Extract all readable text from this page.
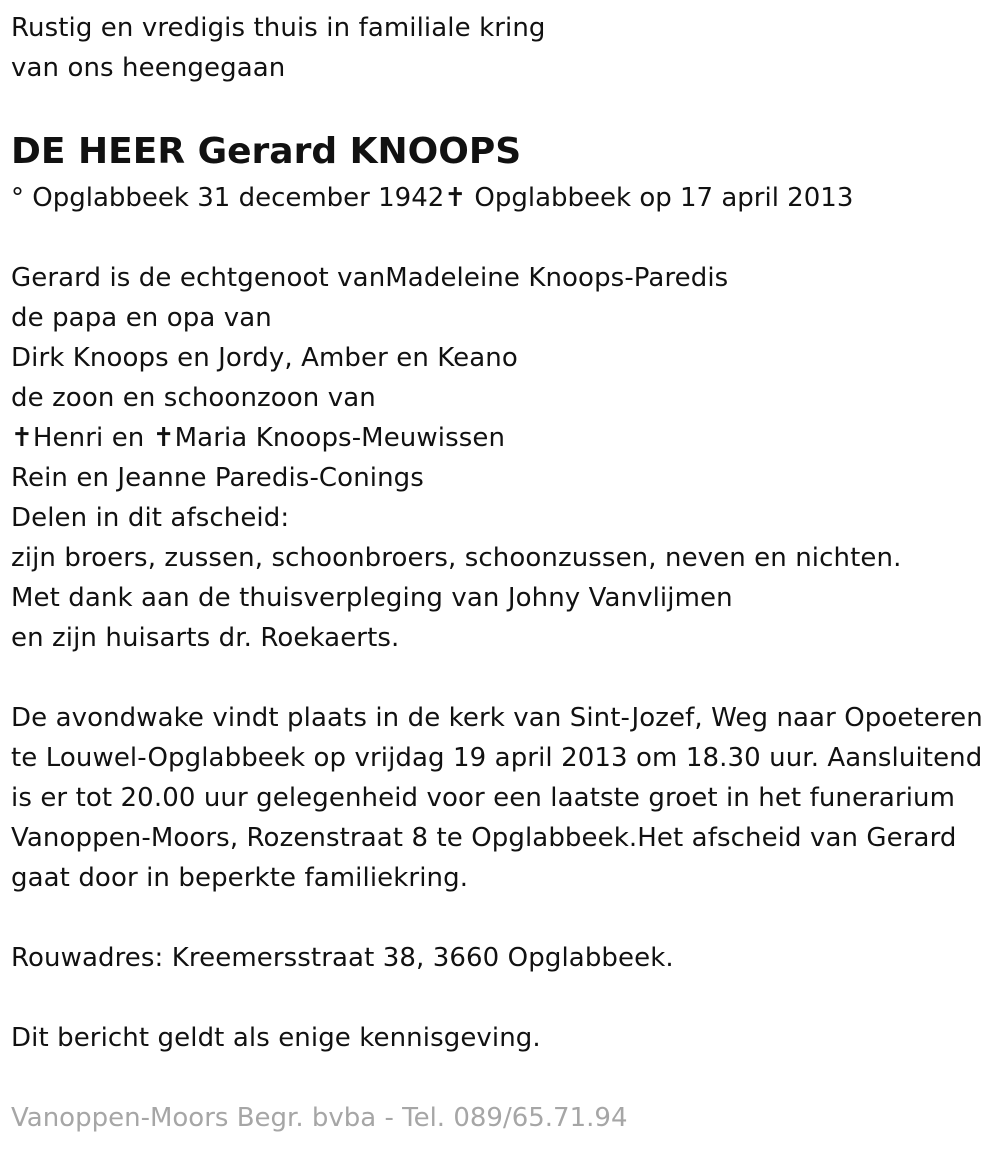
Rustig en vredigis thuis in familiale kring
van ons heengegaan
DE HEER Gerard KNOOPS
° Opglabbeek 31 december 1942✝ Opglabbeek op 17 april 2013
Gerard is de echtgenoot vanMadeleine Knoops-Paredis
de papa en opa van
Dirk Knoops en Jordy, Amber en Keano
de zoon en schoonzoon van
✝Henri en ✝Maria Knoops-Meuwissen
Rein en Jeanne Paredis-Conings
Delen in dit afscheid:
zijn broers, zussen, schoonbroers, schoonzussen, neven en nichten.
Met dank aan de thuisverpleging van Johny Vanvlijmen
en zijn huisarts dr. Roekaerts.
De avondwake vindt plaats in de kerk van Sint-Jozef, Weg naar Opoeteren
te Louwel-Opglabbeek op vrijdag 19 april 2013 om 18.30 uur. Aansluitend
is er tot 20.00 uur gelegenheid voor een laatste groet in het funerarium
Vanoppen-Moors, Rozenstraat 8 te Opglabbeek.Het afscheid van Gerard
gaat door in beperkte familiekring.
Rouwadres: Kreemersstraat 38, 3660 Opglabbeek.
Dit bericht geldt als enige kennisgeving.
Vanoppen-Moors Begr. bvba - Tel. 089/65.71.94
